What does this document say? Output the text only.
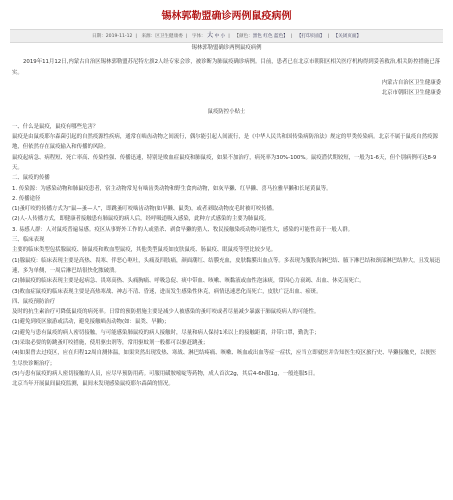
锡林郭勒盟确诊两例鼠疫病例
日期：2019-11-12 | 来源：区卫生健康委 | 字体： 大 中 小 | 【颜色：黑色 红色 蓝色】 | 【打印页面】 | 【关闭页面】

锡林郭勒盟确诊两例鼠疫病例

2019年11月12日,内蒙古自治区锡林郭勒盟苏尼特左旗2人经专家会诊，被诊断为肺鼠疫确诊病例。目前，患者已在北京市朝阳区相关医疗机构得到妥善救治,相关防控措施已落实。

内蒙古自治区卫生健康委

北京市朝阳区卫生健康委

鼠疫防控小贴士

一、什么是鼠疫，鼠疫有哪些危害？

鼠疫是由鼠疫耶尔森菌引起的自然疫源性疾病，通常在啮齿动物之间流行，偶尔能引起人间流行，是《中华人民共和国传染病防治法》规定的甲类传染病。北京不属于鼠疫自然疫源地，但依然存在鼠疫输入和传播的风险。

鼠疫起病急、病程短、死亡率高、传染性强、传播迅速，特别是败血症鼠疫和肺鼠疫，如果不加治疗，病死率为30%-100%。鼠疫潜伏期较短，一般为1-6天，但个别病例可达8-9天。

二、鼠疫的传播

1. 传染源：为感染动物和肺鼠疫患者，宿主动物常见有啮齿类动物和野生食肉动物，如灰旱獭、红旱獭、喜马拉雅旱獭和长尾黄鼠等。

2. 传播途径

(1)蚤叮咬的传播方式为“鼠—蚤—人”，即跳蚤叮咬啮齿动物(如旱獭、鼠类)，或者剥取动物皮毛时被叮咬传播。

(2)人-人传播方式，即健康者接触患有肺鼠疫的病人后，经呼吸道吸入感染，此种方式感染的主要为肺鼠疫。

3. 易感人群：人对鼠疫普遍易感。疫区从事野外工作的人或猎杀、剥食旱獭的猎人、牧民接触染疫动物可能性大，感染的可能性高于一般人群。

三、临床表现

主要的临床类型包括腺鼠疫、肺鼠疫和败血型鼠疫，其他类型鼠疫如皮肤鼠疫、肠鼠疫、眼鼠疫等型比较少见。

(1)腺鼠疫：临床表现主要是高热、畏寒、伴恶心呕吐，头痛及四肢痛，颜面潮红、结膜充血，皮肤黏膜出血点等。多表现为腹股沟淋巴结、腋下淋巴结和颈部淋巴结肿大，且发展迅速，多为单侧，一周后淋巴结很快化脓破溃。

(2)肺鼠疫的临床表现主要是起病急、畏寒高热、头痛胸痛、呼吸急促、痰中带血、咳嗽、咳黏液或血性泡沫痰，常因心力衰竭、出血、休克而死亡。

(3)败血症鼠疫的临床表现主要是高热寒战、神志不清、昏迷，进而发生感染性休克，病情迅速恶化而死亡，皮肤广泛出血、瘀斑。

四、鼠疫预防治疗

及时的抗生素治疗可降低鼠疫的病死率。日常的预防措施主要是减少人被感染的蚤叮咬或者尽量减少暴露于肺鼠疫病人的可能性。

(1)避免到疫区旅游或活动，避免接触啮齿动物(如：鼠类、旱獭)；

(2)避免与患有鼠疫的病人密切接触，与可能感染肺鼠疫的病人接触时，尽量和病人保持1米以上的接触距离，并带口罩，勤洗手；

(3)采取必要的防跳蚤叮咬措施，使用驱虫剂等，常用驱蚊剂一般都可以驱赶跳蚤；

(4)如果曾去过疫区，应在归程12周自测体温，如果突然出现发热、寒战、淋巴结疼痛、咳嗽、咳血或出血等症一症状，应当立即就医并告知医生疫区旅行史、旱獭接触史，以便医生尽快诊断治疗；

(5)与患有鼠疫的病人密切接触的人员，应尽早预防用药。可服用磺胺嘧啶等药物，成人首次2g，其后4-6h服1g，一般连服5日。

北京当年开展鼠间鼠疫监测，鼠间未发现感染鼠疫耶尔森菌的情况。
